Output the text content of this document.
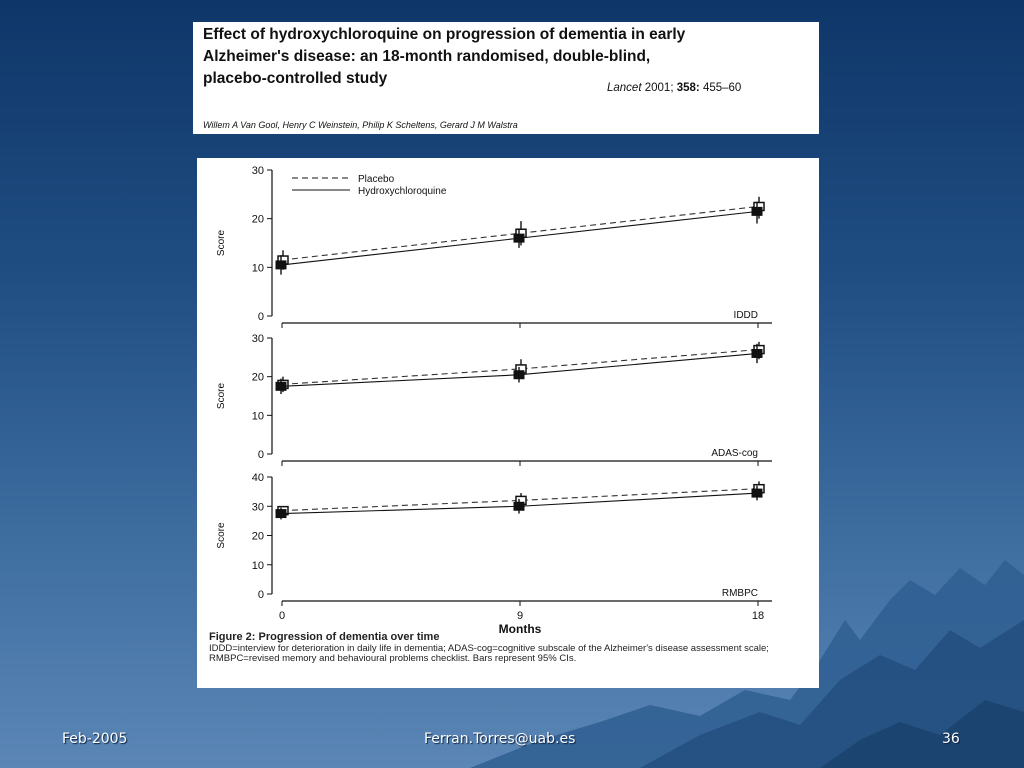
Effect of hydroxychloroquine on progression of dementia in early
Alzheimer's disease: an 18-month randomised, double-blind,
placebo-controlled study
Lancet 2001; 358: 455–60
Willem A Van Gool, Henry C Weinstein, Philip K Scheltens, Gerard J M Walstra
0
10
20
30
Score
IDDD
Placebo
Hydroxychloroquine
0
10
20
30
Score
ADAS-cog
0
10
20
30
40
Score
RMBPC
0	9	18
Months
Figure 2: Progression of dementia over time
IDDD=interview for deterioration in daily life in dementia; ADAS-cog=cognitive subscale of the Alzheimer's disease assessment scale; RMBPC=revised memory and behavioural problems checklist. Bars represent 95% CIs.
Feb-2005	Ferran.Torres@uab.es	36
